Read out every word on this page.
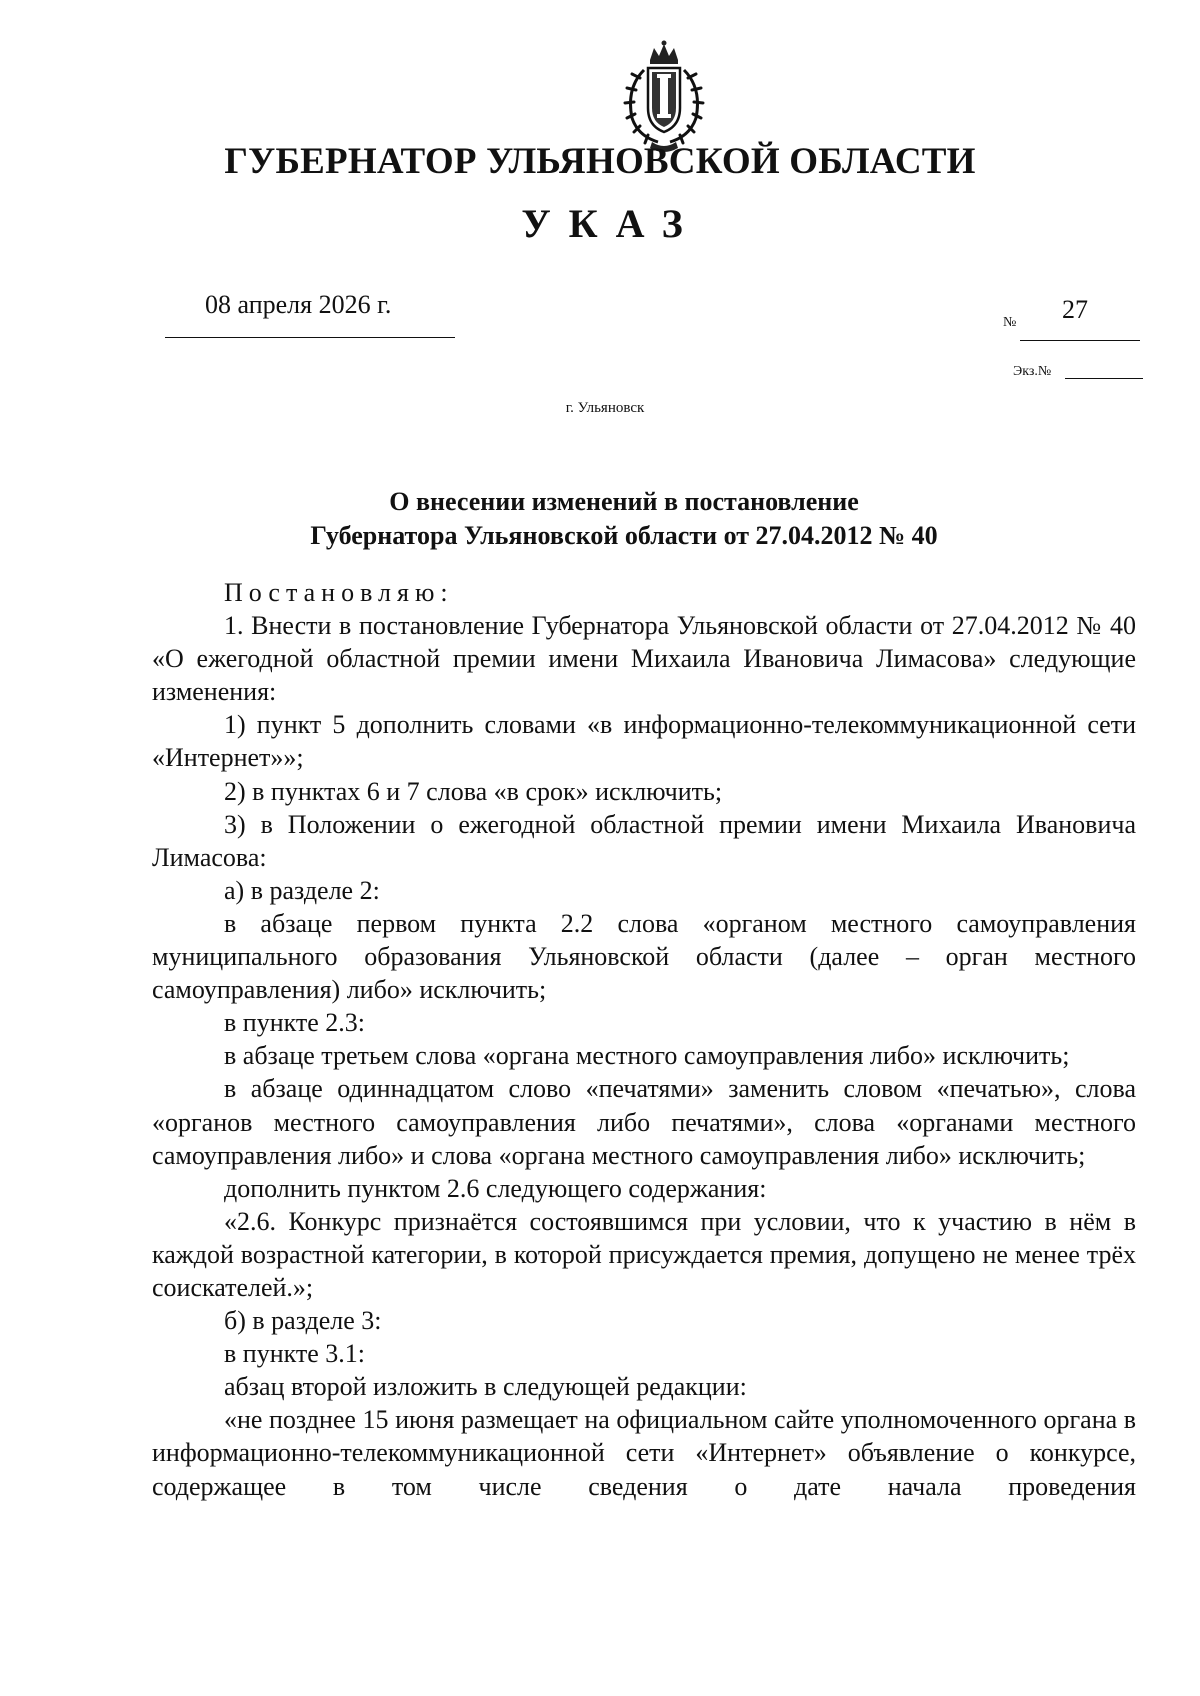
ГУБЕРНАТОР УЛЬЯНОВСКОЙ ОБЛАСТИ
УКАЗ
08 апреля 2026 г.
№ 27
Экз.№
г. Ульяновск
О внесении изменений в постановление
Губернатора Ульяновской области от 27.04.2012 № 40

Постановляю:

1. Внести в постановление Губернатора Ульяновской области от 27.04.2012 № 40 «О ежегодной областной премии имени Михаила Ивановича Лимасова» следующие изменения:

1) пункт 5 дополнить словами «в информационно-телекоммуникационной сети «Интернет»»;

2) в пунктах 6 и 7 слова «в срок» исключить;

3) в Положении о ежегодной областной премии имени Михаила Ивановича Лимасова:

а) в разделе 2:

в абзаце первом пункта 2.2 слова «органом местного самоуправления муниципального образования Ульяновской области (далее – орган местного самоуправления) либо» исключить;

в пункте 2.3:

в абзаце третьем слова «органа местного самоуправления либо» исключить;

в абзаце одиннадцатом слово «печатями» заменить словом «печатью», слова «органов местного самоуправления либо печатями», слова «органами местного самоуправления либо» и слова «органа местного самоуправления либо» исключить;

дополнить пунктом 2.6 следующего содержания:

«2.6. Конкурс признаётся состоявшимся при условии, что к участию в нём в каждой возрастной категории, в которой присуждается премия, допущено не менее трёх соискателей.»;

б) в разделе 3:

в пункте 3.1:

абзац второй изложить в следующей редакции:

«не позднее 15 июня размещает на официальном сайте уполномоченного органа в информационно-телекоммуникационной сети «Интернет» объявление о конкурсе, содержащее в том числе сведения о дате начала проведения
